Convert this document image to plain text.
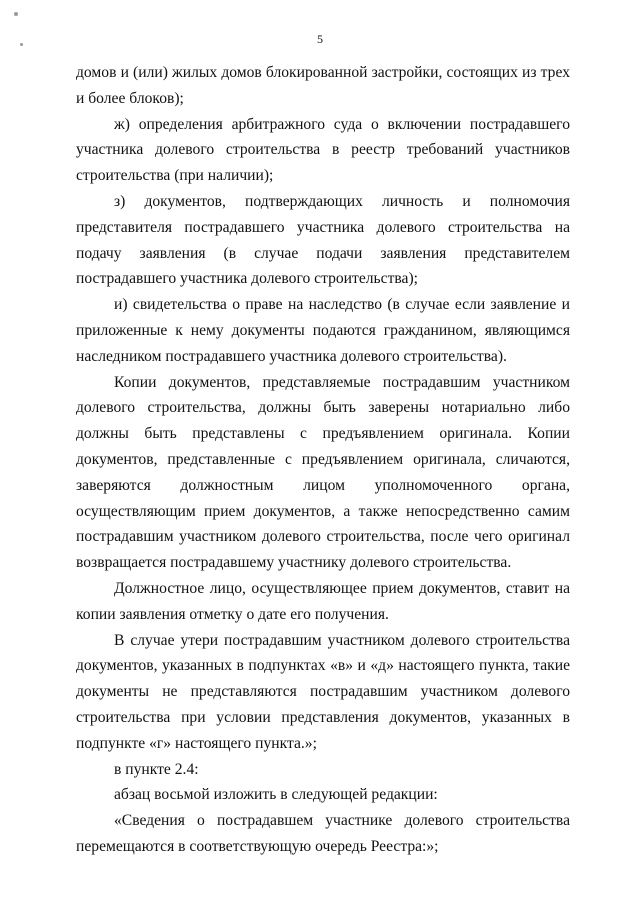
5

домов и (или) жилых домов блокированной застройки, состоящих из трех и более блоков);

ж) определения арбитражного суда о включении пострадавшего участника долевого строительства в реестр требований участников строительства (при наличии);

з) документов, подтверждающих личность и полномочия представителя пострадавшего участника долевого строительства на подачу заявления (в случае подачи заявления представителем пострадавшего участника долевого строительства);

и) свидетельства о праве на наследство (в случае если заявление и приложенные к нему документы подаются гражданином, являющимся наследником пострадавшего участника долевого строительства).

Копии документов, представляемые пострадавшим участником долевого строительства, должны быть заверены нотариально либо должны быть представлены с предъявлением оригинала. Копии документов, представленные с предъявлением оригинала, сличаются, заверяются должностным лицом уполномоченного органа, осуществляющим прием документов, а также непосредственно самим пострадавшим участником долевого строительства, после чего оригинал возвращается пострадавшему участнику долевого строительства.

Должностное лицо, осуществляющее прием документов, ставит на копии заявления отметку о дате его получения.

В случае утери пострадавшим участником долевого строительства документов, указанных в подпунктах «в» и «д» настоящего пункта, такие документы не представляются пострадавшим участником долевого строительства при условии представления документов, указанных в подпункте «г» настоящего пункта.»;

в пункте 2.4:

абзац восьмой изложить в следующей редакции:

«Сведения о пострадавшем участнике долевого строительства перемещаются в соответствующую очередь Реестра:»;
